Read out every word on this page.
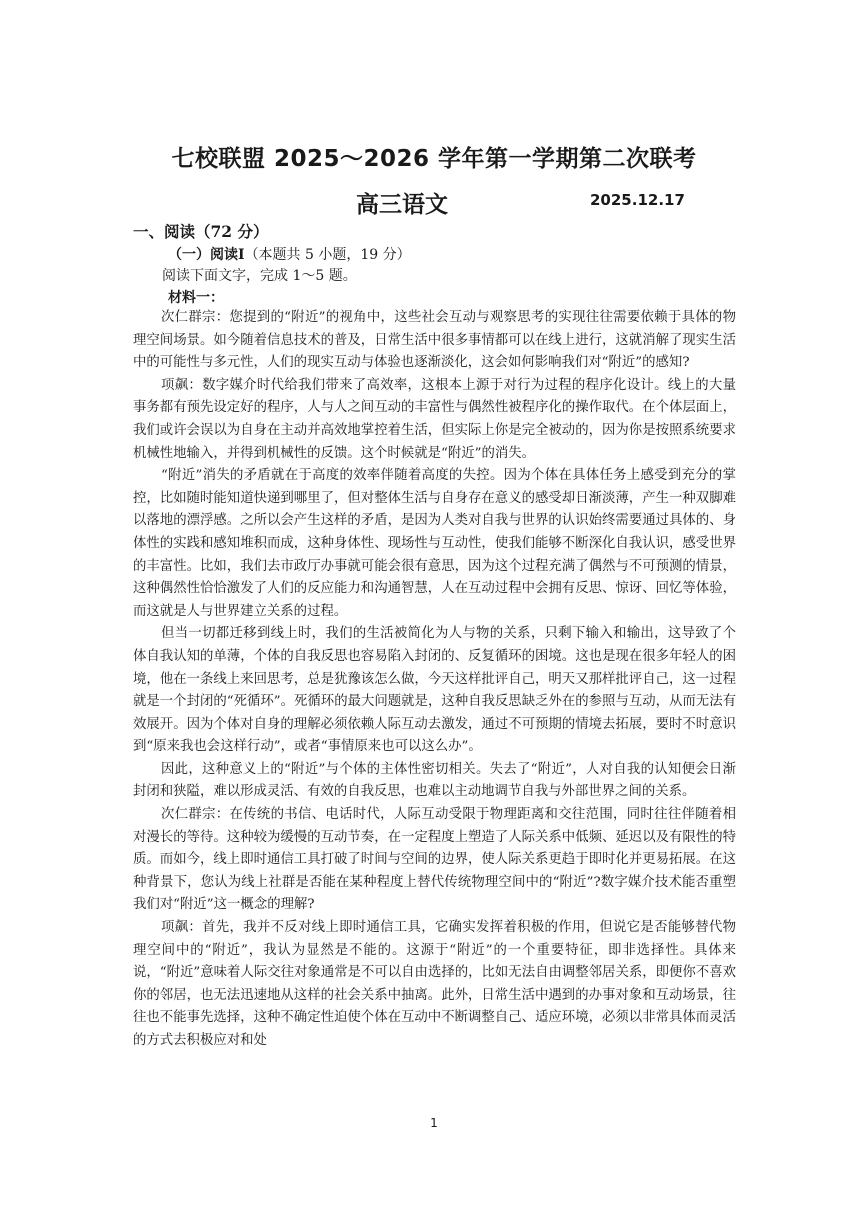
七校联盟 2025～2026 学年第一学期第二次联考
高三语文	2025.12.17
一、阅读（72 分）
（一）阅读Ⅰ（本题共 5 小题，19 分）
阅读下面文字，完成 1～5 题。
材料一：

次仁群宗：您提到的“附近”的视角中，这些社会互动与观察思考的实现往往需要依赖于具体的物理空间场景。如今随着信息技术的普及，日常生活中很多事情都可以在线上进行，这就消解了现实生活中的可能性与多元性，人们的现实互动与体验也逐渐淡化，这会如何影响我们对“附近”的感知?

项飙：数字媒介时代给我们带来了高效率，这根本上源于对行为过程的程序化设计。线上的大量事务都有预先设定好的程序，人与人之间互动的丰富性与偶然性被程序化的操作取代。在个体层面上，我们或许会误以为自身在主动并高效地掌控着生活，但实际上你是完全被动的，因为你是按照系统要求机械性地输入，并得到机械性的反馈。这个时候就是“附近”的消失。

“附近”消失的矛盾就在于高度的效率伴随着高度的失控。因为个体在具体任务上感受到充分的掌控，比如随时能知道快递到哪里了，但对整体生活与自身存在意义的感受却日渐淡薄，产生一种双脚难以落地的漂浮感。之所以会产生这样的矛盾，是因为人类对自我与世界的认识始终需要通过具体的、身体性的实践和感知堆积而成，这种身体性、现场性与互动性，使我们能够不断深化自我认识，感受世界的丰富性。比如，我们去市政厅办事就可能会很有意思，因为这个过程充满了偶然与不可预测的情景，这种偶然性恰恰激发了人们的反应能力和沟通智慧，人在互动过程中会拥有反思、惊讶、回忆等体验，而这就是人与世界建立关系的过程。

但当一切都迁移到线上时，我们的生活被简化为人与物的关系，只剩下输入和输出，这导致了个体自我认知的单薄，个体的自我反思也容易陷入封闭的、反复循环的困境。这也是现在很多年轻人的困境，他在一条线上来回思考，总是犹豫该怎么做，今天这样批评自己，明天又那样批评自己，这一过程就是一个封闭的“死循环”。死循环的最大问题就是，这种自我反思缺乏外在的参照与互动，从而无法有效展开。因为个体对自身的理解必须依赖人际互动去激发，通过不可预期的情境去拓展，要时不时意识到“原来我也会这样行动”，或者“事情原来也可以这么办”。

因此，这种意义上的“附近”与个体的主体性密切相关。失去了“附近”，人对自我的认知便会日渐封闭和狭隘，难以形成灵活、有效的自我反思，也难以主动地调节自我与外部世界之间的关系。

次仁群宗：在传统的书信、电话时代，人际互动受限于物理距离和交往范围，同时往往伴随着相对漫长的等待。这种较为缓慢的互动节奏，在一定程度上塑造了人际关系中低频、延迟以及有限性的特质。而如今，线上即时通信工具打破了时间与空间的边界，使人际关系更趋于即时化并更易拓展。在这种背景下，您认为线上社群是否能在某种程度上替代传统物理空间中的“附近”?数字媒介技术能否重塑我们对“附近”这一概念的理解?

项飙：首先，我并不反对线上即时通信工具，它确实发挥着积极的作用，但说它是否能够替代物理空间中的“附近”，我认为显然是不能的。这源于“附近”的一个重要特征，即非选择性。具体来说，“附近”意味着人际交往对象通常是不可以自由选择的，比如无法自由调整邻居关系，即便你不喜欢你的邻居，也无法迅速地从这样的社会关系中抽离。此外，日常生活中遇到的办事对象和互动场景，往往也不能事先选择，这种不确定性迫使个体在互动中不断调整自己、适应环境，必须以非常具体而灵活的方式去积极应对和处

1
